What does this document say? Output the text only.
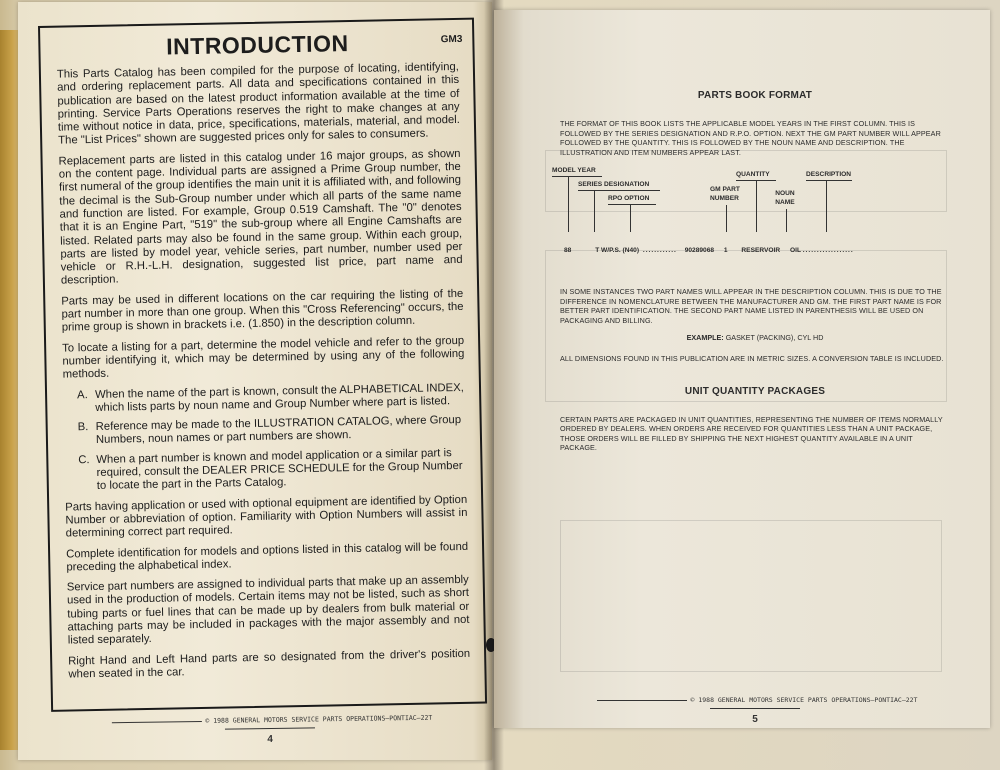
GM3
INTRODUCTION

This Parts Catalog has been compiled for the purpose of locating, identifying, and ordering replacement parts. All data and specifications contained in this publication are based on the latest product information available at the time of printing. Service Parts Operations reserves the right to make changes at any time without notice in data, price, specifications, materials, material, and model. The "List Prices" shown are suggested prices only for sales to consumers.

Replacement parts are listed in this catalog under 16 major groups, as shown on the content page. Individual parts are assigned a Prime Group number, the first numeral of the group identifies the main unit it is affiliated with, and following the decimal is the Sub-Group number under which all parts of the same name and function are listed. For example, Group 0.519 Camshaft. The "0" denotes that it is an Engine Part, "519" the sub-group where all Engine Camshafts are listed. Related parts may also be found in the same group. Within each group, parts are listed by model year, vehicle series, part number, number used per vehicle or R.H.-L.H. designation, suggested list price, part name and description.

Parts may be used in different locations on the car requiring the listing of the part number in more than one group. When this "Cross Referencing" occurs, the prime group is shown in brackets i.e. (1.850) in the description column.

To locate a listing for a part, determine the model vehicle and refer to the group number identifying it, which may be determined by using any of the following methods.

A. When the name of the part is known, consult the ALPHABETICAL INDEX, which lists parts by noun name and Group Number where part is listed.
B. Reference may be made to the ILLUSTRATION CATALOG, where Group Numbers, noun names or part numbers are shown.
C. When a part number is known and model application or a similar part is required, consult the DEALER PRICE SCHEDULE for the Group Number to locate the part in the Parts Catalog.

Parts having application or used with optional equipment are identified by Option Number or abbreviation of option. Familiarity with Option Numbers will assist in determining correct part required.

Complete identification for models and options listed in this catalog will be found preceding the alphabetical index.

Service part numbers are assigned to individual parts that make up an assembly used in the production of models. Certain items may not be listed, such as short tubing parts or fuel lines that can be made up by dealers from bulk material or attaching parts may be included in packages with the major assembly and not listed separately.

Right Hand and Left Hand parts are so designated from the driver's position when seated in the car.

© 1988 GENERAL MOTORS SERVICE PARTS OPERATIONS—PONTIAC—22T
4
PARTS BOOK FORMAT

THE FORMAT OF THIS BOOK LISTS THE APPLICABLE MODEL YEARS IN THE FIRST COLUMN. THIS IS FOLLOWED BY THE SERIES DESIGNATION AND R.P.O. OPTION. NEXT THE GM PART NUMBER WILL APPEAR FOLLOWED BY THE QUANTITY. THIS IS FOLLOWED BY THE NOUN NAME AND DESCRIPTION. THE ILLUSTRATION AND ITEM NUMBERS APPEAR LAST.

MODEL YEAR
SERIES DESIGNATION
RPO OPTION
QUANTITY
GM PART NUMBER
NOUN NAME
DESCRIPTION
88	T W/P.S. (N40) ............ 90289068 1 RESERVOIR OIL ..................

IN SOME INSTANCES TWO PART NAMES WILL APPEAR IN THE DESCRIPTION COLUMN. THIS IS DUE TO THE DIFFERENCE IN NOMENCLATURE BETWEEN THE MANUFACTURER AND GM. THE FIRST PART NAME IS FOR BETTER PART IDENTIFICATION. THE SECOND PART NAME LISTED IN PARENTHESIS WILL BE USED ON PACKAGING AND BILLING.

EXAMPLE: GASKET (PACKING), CYL HD

ALL DIMENSIONS FOUND IN THIS PUBLICATION ARE IN METRIC SIZES. A CONVERSION TABLE IS INCLUDED.

UNIT QUANTITY PACKAGES

CERTAIN PARTS ARE PACKAGED IN UNIT QUANTITIES, REPRESENTING THE NUMBER OF ITEMS NORMALLY ORDERED BY DEALERS. WHEN ORDERS ARE RECEIVED FOR QUANTITIES LESS THAN A UNIT PACKAGE, THOSE ORDERS WILL BE FILLED BY SHIPPING THE NEXT HIGHEST QUANTITY AVAILABLE IN A UNIT PACKAGE.

© 1988 GENERAL MOTORS SERVICE PARTS OPERATIONS—PONTIAC—22T
5
